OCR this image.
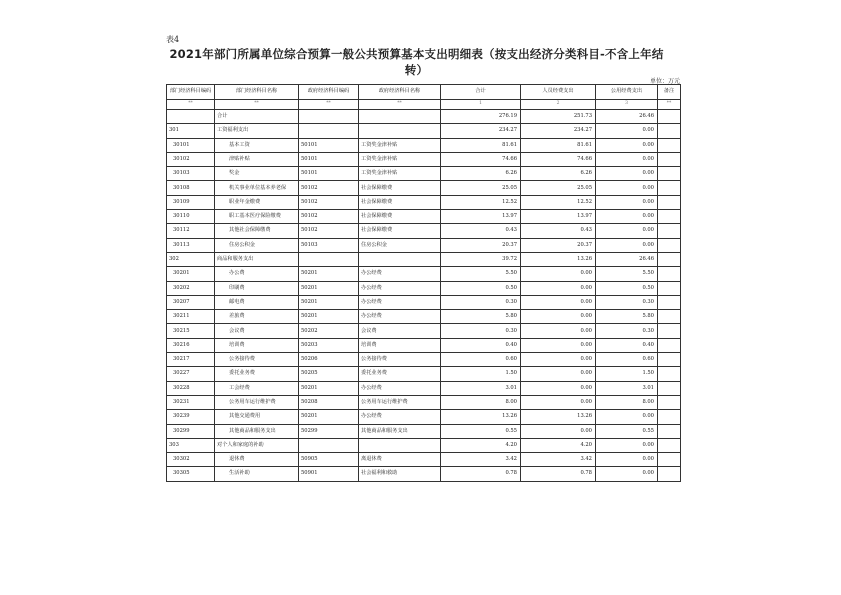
表4
2021年部门所属单位综合预算一般公共预算基本支出明细表（按支出经济分类科目-不含上年结转）
单位：万元
部门经济科目编码	部门经济科目名称	政府经济科目编码	政府经济科目名称	合计	人员经费支出	公用经费支出	备注
**	**	**	**	1	2	3	**
	合计			276.19	251.73	26.46	
301	工资福利支出			234.27	234.27	0.00	
30101	基本工资	50101	工资奖金津补贴	81.61	81.61	0.00	
30102	津贴补贴	50101	工资奖金津补贴	74.66	74.66	0.00	
30103	奖金	50101	工资奖金津补贴	6.26	6.26	0.00	
30108	机关事业单位基本养老保	50102	社会保障缴费	25.05	25.05	0.00	
30109	职业年金缴费	50102	社会保障缴费	12.52	12.52	0.00	
30110	职工基本医疗保险缴费	50102	社会保障缴费	13.97	13.97	0.00	
30112	其他社会保障缴费	50102	社会保障缴费	0.43	0.43	0.00	
30113	住房公积金	50103	住房公积金	20.37	20.37	0.00	
302	商品和服务支出			39.72	13.26	26.46	
30201	办公费	50201	办公经费	5.50	0.00	5.50	
30202	印刷费	50201	办公经费	0.50	0.00	0.50	
30207	邮电费	50201	办公经费	0.30	0.00	0.30	
30211	差旅费	50201	办公经费	5.80	0.00	5.80	
30215	会议费	50202	会议费	0.30	0.00	0.30	
30216	培训费	50203	培训费	0.40	0.00	0.40	
30217	公务接待费	50206	公务接待费	0.60	0.00	0.60	
30227	委托业务费	50205	委托业务费	1.50	0.00	1.50	
30228	工会经费	50201	办公经费	3.01	0.00	3.01	
30231	公务用车运行维护费	50208	公务用车运行维护费	8.00	0.00	8.00	
30239	其他交通费用	50201	办公经费	13.26	13.26	0.00	
30299	其他商品和服务支出	50299	其他商品和服务支出	0.55	0.00	0.55	
303	对个人和家庭的补助			4.20	4.20	0.00	
30302	退休费	50905	离退休费	3.42	3.42	0.00	
30305	生活补助	50901	社会福利和救助	0.78	0.78	0.00	
